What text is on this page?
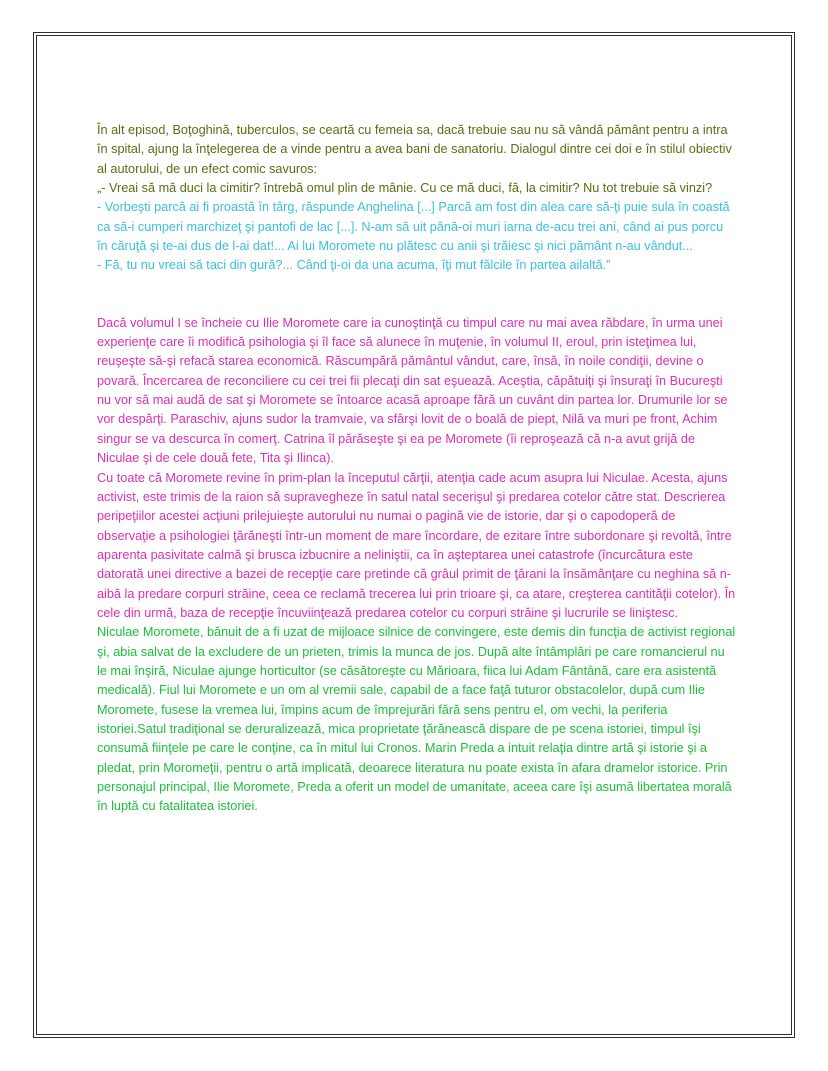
În alt episod, Boţoghină, tuberculos, se ceartă cu femeia sa, dacă trebuie sau nu să vândă pământ pentru a intra în spital, ajung la înţelegerea de a vinde pentru a avea bani de sanatoriu. Dialogul dintre cei doi e în stilul obiectiv al autorului, de un efect comic savuros:

„- Vreai să mă duci la cimitir? întrebă omul plin de mânie. Cu ce mă duci, fă, la cimitir? Nu tot trebuie să vinzi?

- Vorbeşti parcă ai fi proastă în târg, răspunde Anghelina [...] Parcă am fost din alea care să-ţi puie sula în coastă ca să-i cumperi marchizeţ şi pantofi de lac [...]. N-am să uit până-oi muri iarna de-acu trei ani, când ai pus porcu în căruţă şi te-ai dus de l-ai dat!... Ai lui Moromete nu plătesc cu anii şi trăiesc şi nici pământ n-au vândut...

- Fă, tu nu vreai să taci din gură?... Când ţi-oi da una acuma, îţi mut fălcile în partea ailaltă.”

Dacă volumul I se încheie cu Ilie Moromete care ia cunoştinţă cu timpul care nu mai avea răbdare, în urma unei experienţe care îi modifică psihologia şi îl face să alunece în muţenie, în volumul II, eroul, prin isteţimea lui, reuşeşte să-şi refacă starea economică. Răscumpără pământul vândut, care, însă, în noile condiţii, devine o povară. Încercarea de reconciliere cu cei trei fii plecaţi din sat eşuează. Aceştia, căpătuiţi şi însuraţi în Bucureşti nu vor să mai audă de sat şi Moromete se întoarce acasă aproape fără un cuvânt din partea lor. Drumurile lor se vor despărţi. Paraschiv, ajuns sudor la tramvaie, va sfârşi lovit de o boală de piept, Nilă va muri pe front, Achim singur se va descurca în comerţ. Catrina îl părăseşte şi ea pe Moromete (îi reproşează că n-a avut grijă de Niculae şi de cele două fete, Tita şi Ilinca).

Cu toate că Moromete revine în prim-plan la începutul cărţii, atenţia cade acum asupra lui Niculae. Acesta, ajuns activist, este trimis de la raion să supravegheze în satul natal secerişul şi predarea cotelor către stat. Descrierea peripeţiilor acestei acţiuni prilejuieşte autorului nu numai o pagină vie de istorie, dar şi o capodoperă de observaţie a psihologiei ţărăneşti într-un moment de mare încordare, de ezitare între subordonare şi revoltă, între aparenta pasivitate calmă şi brusca izbucnire a neliniştii, ca în aşteptarea unei catastrofe (încurcătura este datorată unei directive a bazei de recepţie care pretinde că grâul primit de ţărani la însămânţare cu neghina să n-aibă la predare corpuri străine, ceea ce reclamă trecerea lui prin trioare şi, ca atare, creşterea cantităţii cotelor). În cele din urmă, baza de recepţie încuviinţează predarea cotelor cu corpuri străine şi lucrurile se liniştesc.

Niculae Moromete, bănuit de a fi uzat de mijloace silnice de convingere, este demis din funcţia de activist regional şi, abia salvat de la excludere de un prieten, trimis la munca de jos. După alte întâmplări pe care romancierul nu le mai înşiră, Niculae ajunge horticultor (se căsătoreşte cu Mărioara, fiica lui Adam Fântână, care era asistentă medicală). Fiul lui Moromete e un om al vremii sale, capabil de a face faţă tuturor obstacolelor, după cum Ilie Moromete, fusese la vremea lui, împins acum de împrejurări fără sens pentru el, om vechi, la periferia istoriei.Satul tradiţional se deruralizează, mica proprietate ţărănească dispare de pe scena istoriei, timpul îşi consumă fiinţele pe care le conţine, ca în mitul lui Cronos. Marin Preda a intuit relaţia dintre artă şi istorie şi a pledat, prin Moromeţii, pentru o artă implicată, deoarece literatura nu poate exista în afara dramelor istorice. Prin personajul principal, Ilie Moromete, Preda a oferit un model de umanitate, aceea care îşi asumă libertatea morală în luptă cu fatalitatea istoriei.
